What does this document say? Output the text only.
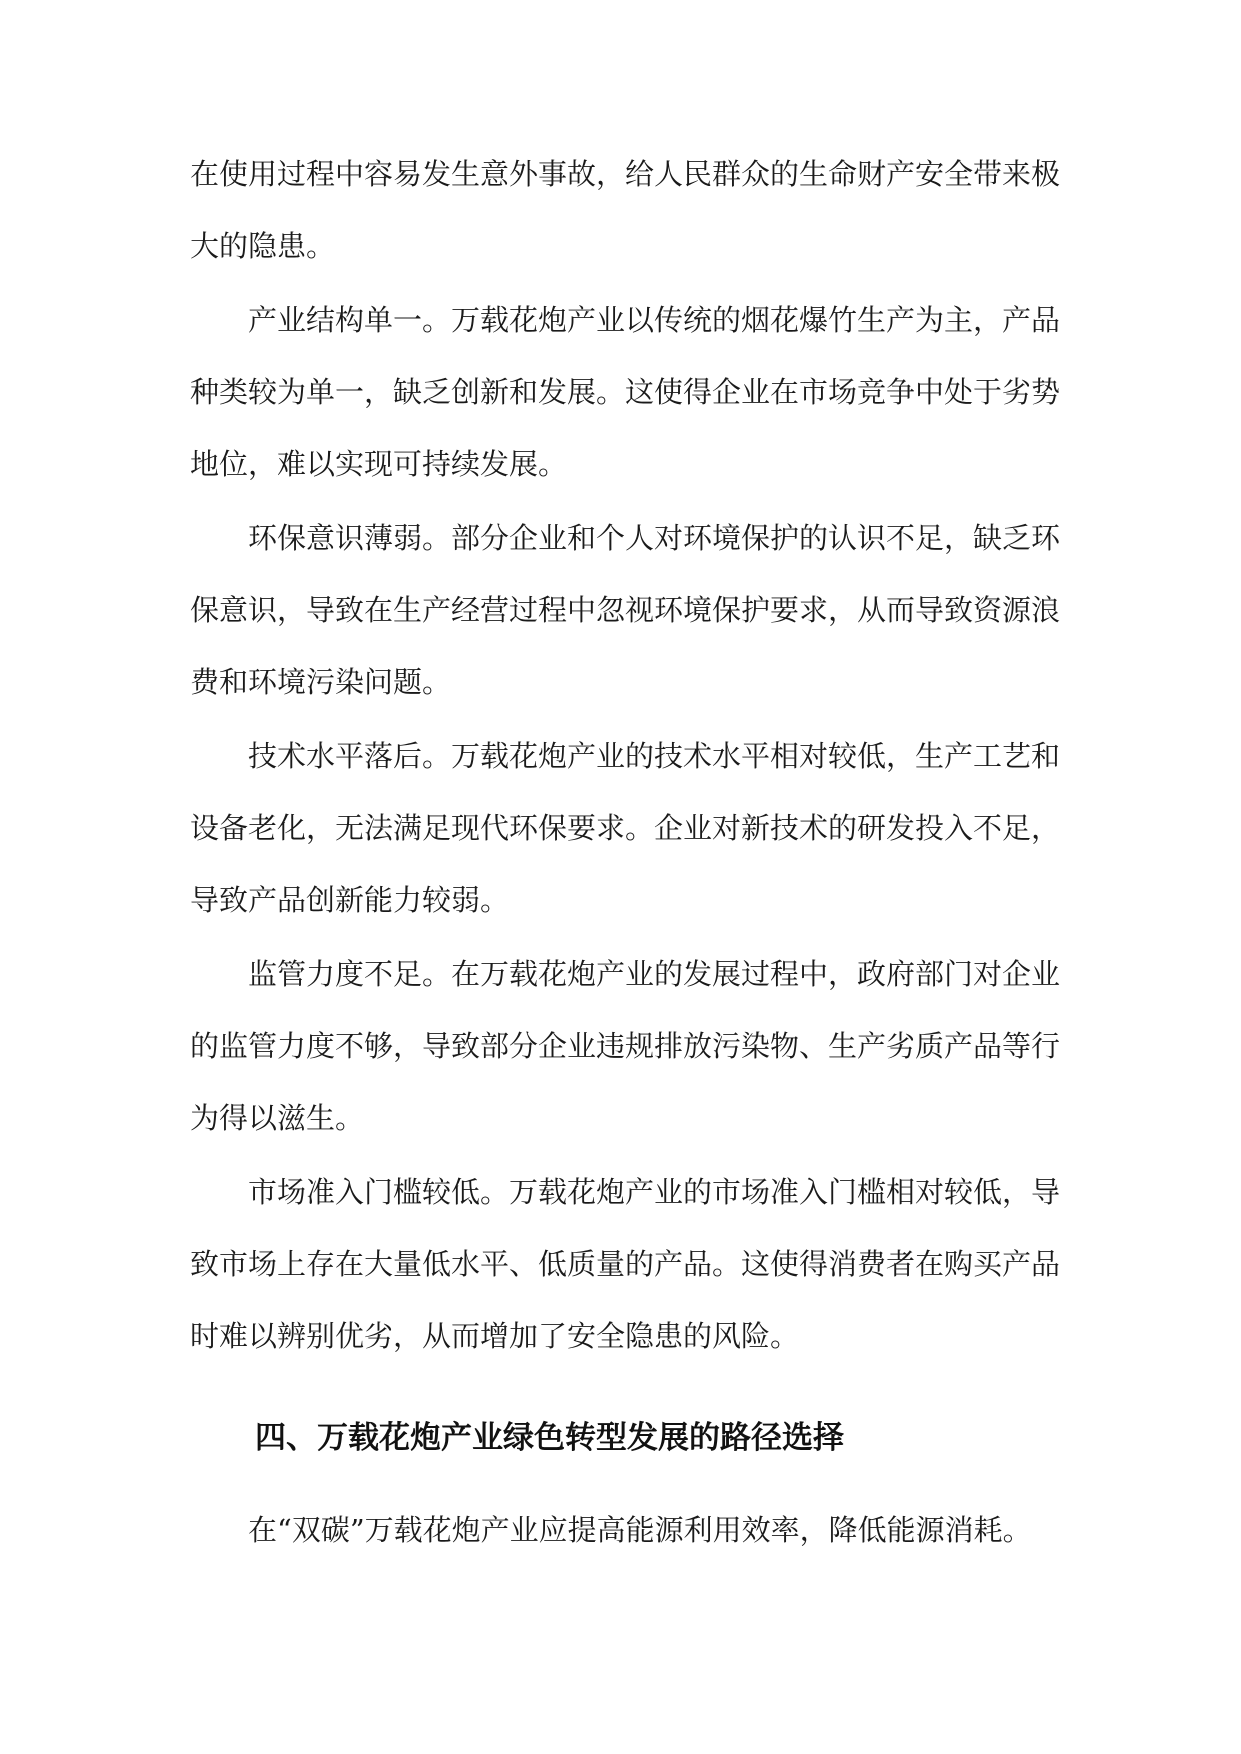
在使用过程中容易发生意外事故，给人民群众的生命财产安全带来极大的隐患。

产业结构单一。万载花炮产业以传统的烟花爆竹生产为主，产品种类较为单一，缺乏创新和发展。这使得企业在市场竞争中处于劣势地位，难以实现可持续发展。

环保意识薄弱。部分企业和个人对环境保护的认识不足，缺乏环保意识，导致在生产经营过程中忽视环境保护要求，从而导致资源浪费和环境污染问题。

技术水平落后。万载花炮产业的技术水平相对较低，生产工艺和设备老化，无法满足现代环保要求。企业对新技术的研发投入不足，导致产品创新能力较弱。

监管力度不足。在万载花炮产业的发展过程中，政府部门对企业的监管力度不够，导致部分企业违规排放污染物、生产劣质产品等行为得以滋生。

市场准入门槛较低。万载花炮产业的市场准入门槛相对较低，导致市场上存在大量低水平、低质量的产品。这使得消费者在购买产品时难以辨别优劣，从而增加了安全隐患的风险。

四、万载花炮产业绿色转型发展的路径选择

在“双碳”万载花炮产业应提高能源利用效率，降低能源消耗。
